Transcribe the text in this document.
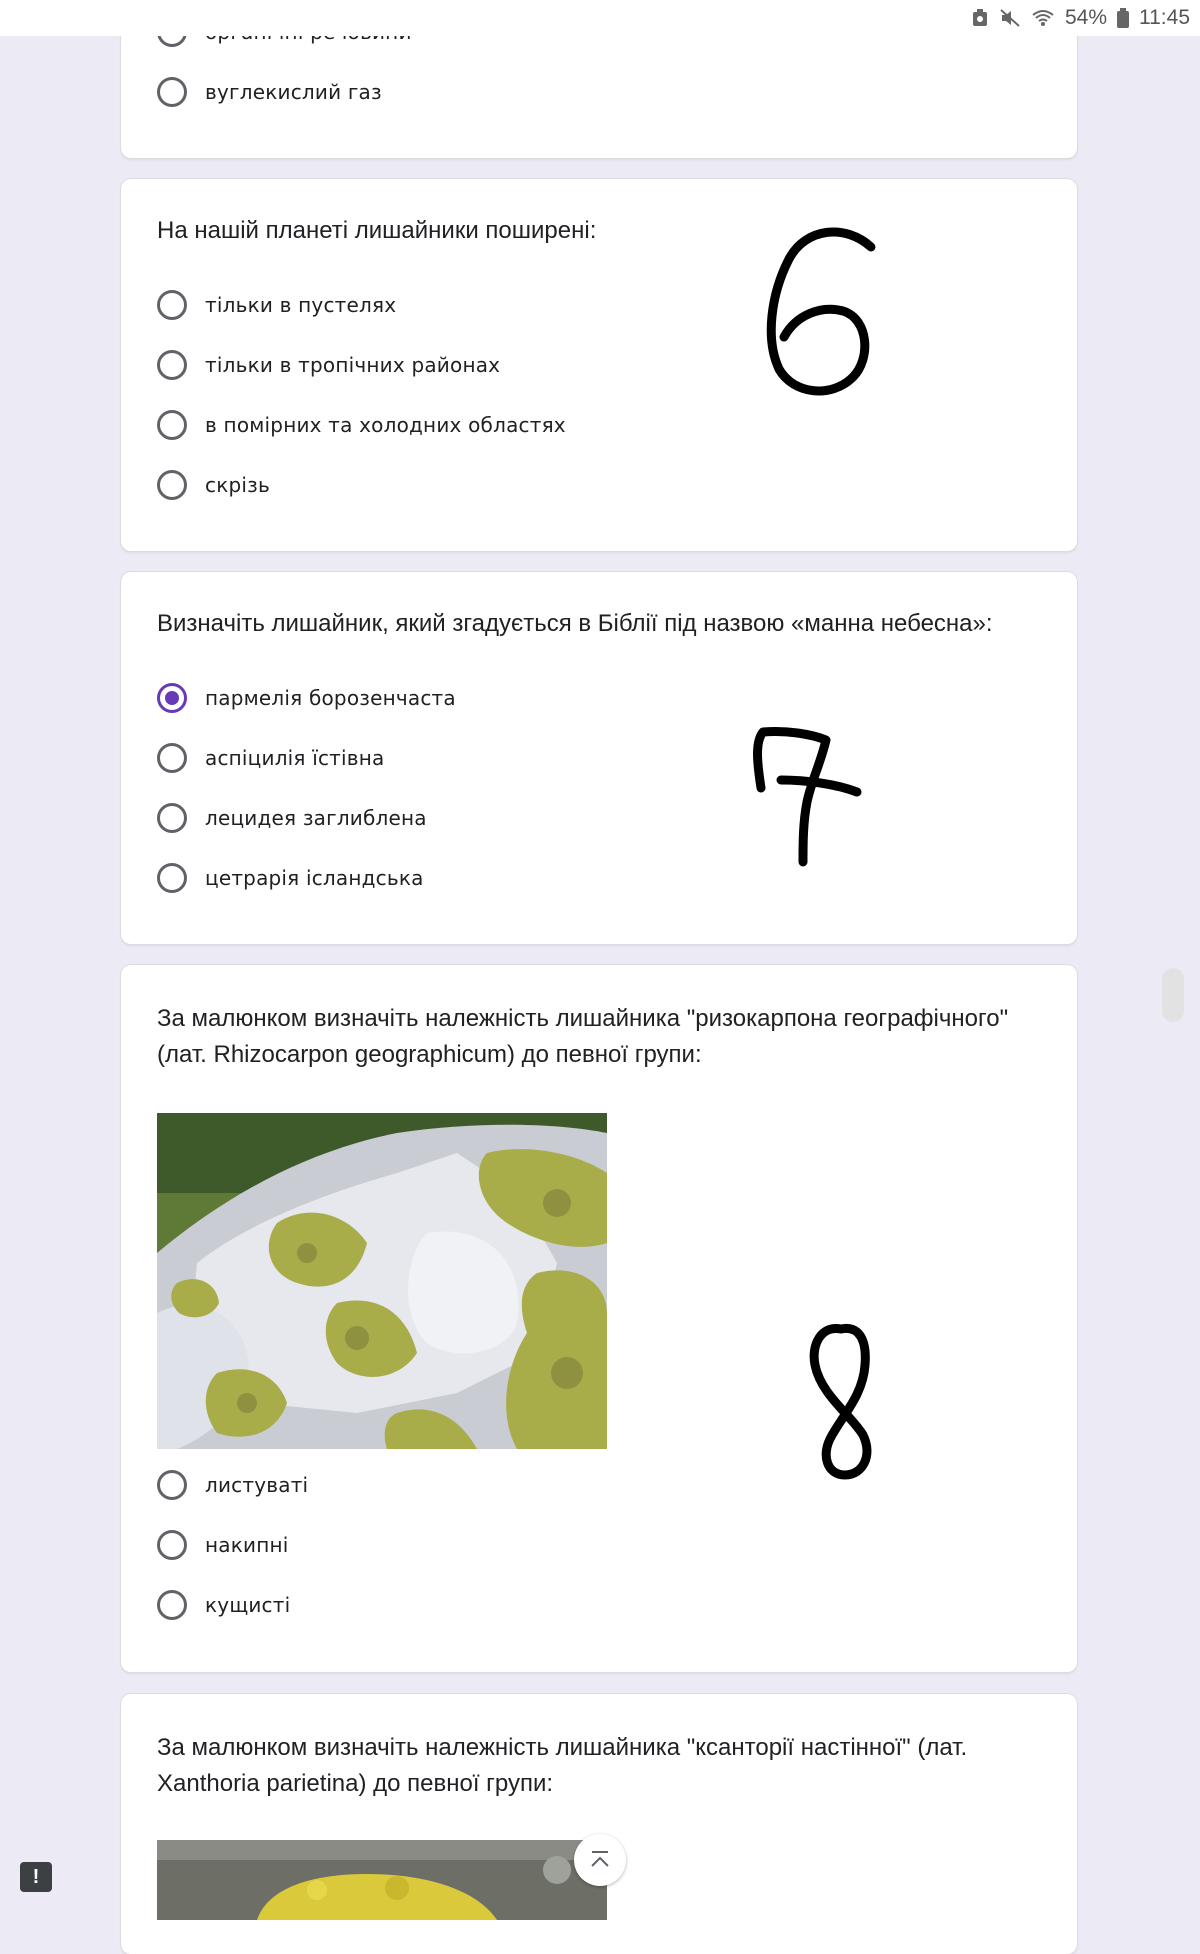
54% 11:45
вуглекислий газ
На нашій планеті лишайники поширені:
тільки в пустелях
тільки в тропічних районах
в помірних та холодних областях
скрізь
Визначіть лишайник, який згадується в Біблії під назвою «манна небесна»:
пармелія борозенчаста
аспіцилія їстівна
лецидея заглиблена
цетрарія ісландська
За малюнком визначіть належність лишайника "ризокарпона географічного"
(лат. Rhizocarpon geographicum) до певної групи:
листуваті
накипні
кущисті
За малюнком визначіть належність лишайника "ксанторії настінної" (лат.
Xanthoria parietina) до певної групи:
!
